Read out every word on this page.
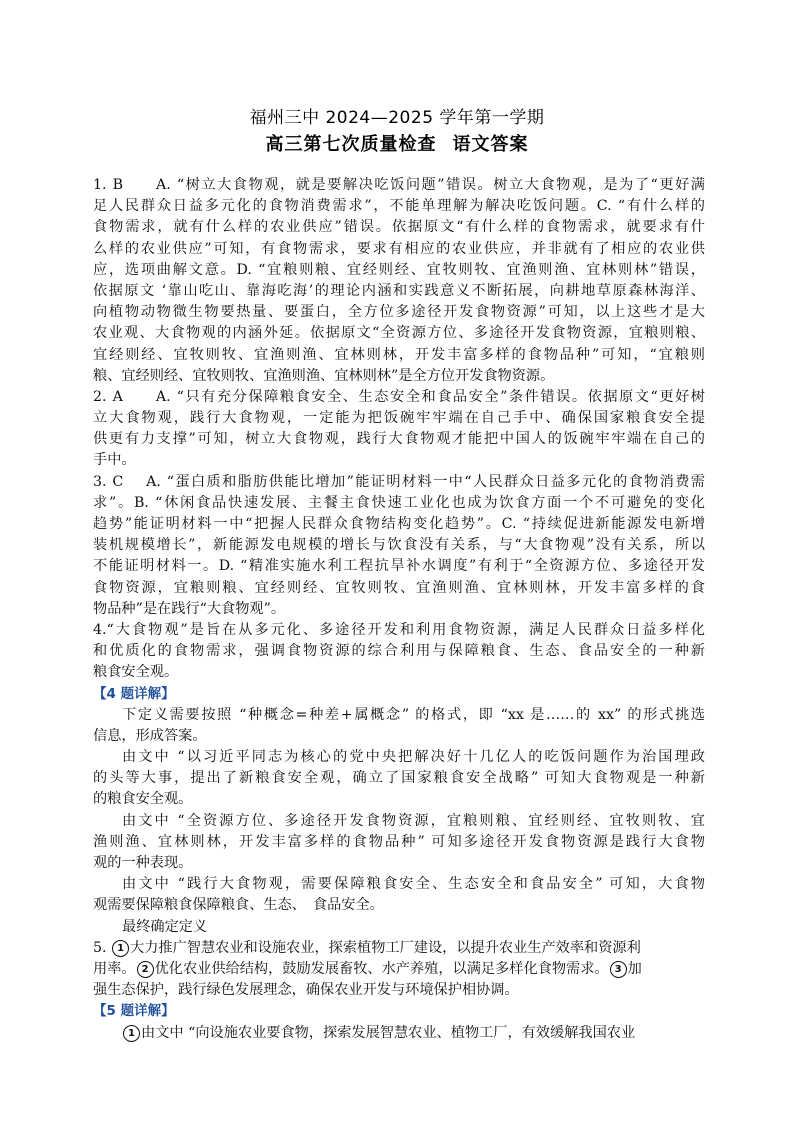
福州三中 2024—2025 学年第一学期
高三第七次质量检查 语文答案
1. B　　A. “树立大食物观，就是要解决吃饭问题”错误。树立大食物观，是为了“更好满
足人民群众日益多元化的食物消费需求”，不能单理解为解决吃饭问题。C. “有什么样的
食物需求，就有什么样的农业供应”错误。依据原文“有什么样的食物需求，就要求有什
么样的农业供应”可知，有食物需求，要求有相应的农业供应，并非就有了相应的农业供
应，选项曲解文意。D. “宜粮则粮、宜经则经、宜牧则牧、宜渔则渔、宜林则林”错误，
依据原文 ‘靠山吃山、靠海吃海’的理论内涵和实践意义不断拓展，向耕地草原森林海洋、
向植物动物微生物要热量、要蛋白，全方位多途径开发食物资源”可知，以上这些才是大
农业观、大食物观的内涵外延。依据原文“全资源方位、多途径开发食物资源，宜粮则粮、
宜经则经、宜牧则牧、宜渔则渔、宜林则林，开发丰富多样的食物品种”可知，“宜粮则
粮、宜经则经、宜牧则牧、宜渔则渔、宜林则林”是全方位开发食物资源。
2. A　　A. “只有充分保障粮食安全、生态安全和食品安全”条件错误。依据原文“更好树
立大食物观，践行大食物观，一定能为把饭碗牢牢端在自己手中、确保国家粮食安全提
供更有力支撑”可知，树立大食物观，践行大食物观才能把中国人的饭碗牢牢端在自己的
手中。
3. C　 A. “蛋白质和脂肪供能比增加”能证明材料一中“人民群众日益多元化的食物消费需
求”。B. “休闲食品快速发展、主餐主食快速工业化也成为饮食方面一个不可避免的变化
趋势”能证明材料一中“把握人民群众食物结构变化趋势”。C. “持续促进新能源发电新增
装机规模增长”，新能源发电规模的增长与饮食没有关系，与“大食物观”没有关系，所以
不能证明材料一。D. “精准实施水利工程抗旱补水调度”有利于“全资源方位、多途径开发
食物资源，宜粮则粮、宜经则经、宜牧则牧、宜渔则渔、宜林则林，开发丰富多样的食
物品种”是在践行“大食物观”。
4.“大食物观”是旨在从多元化、多途径开发和利用食物资源，满足人民群众日益多样化
和优质化的食物需求，强调食物资源的综合利用与保障粮食、生态、食品安全的一种新
粮食安全观。
【4 题详解】
下定义需要按照 “种概念=种差+属概念” 的格式，即 “xx 是……的 xx” 的形式挑选
信息，形成答案。
由文中 “以习近平同志为核心的党中央把解决好十几亿人的吃饭问题作为治国理政
的头等大事，提出了新粮食安全观，确立了国家粮食安全战略” 可知大食物观是一种新
的粮食安全观。
由文中 “全资源方位、多途径开发食物资源，宜粮则粮、宜经则经、宜牧则牧、宜
渔则渔、宜林则林，开发丰富多样的食物品种” 可知多途径开发食物资源是践行大食物
观的一种表现。
由文中 “践行大食物观，需要保障粮食安全、生态安全和食品安全” 可知，大食物
观需要保障粮食保障粮食、生态、　食品安全。
最终确定定义
5. 1 大力推广智慧农业和设施农业，探索植物工厂建设，以提升农业生产效率和资源利
用率。 2 优化农业供给结构，鼓励发展畜牧、水产养殖，以满足多样化食物需求。 3 加
强生态保护，践行绿色发展理念，确保农业开发与环境保护相协调。
【5 题详解】
1 由文中 “向设施农业要食物，探索发展智慧农业、植物工厂，有效缓解我国农业
